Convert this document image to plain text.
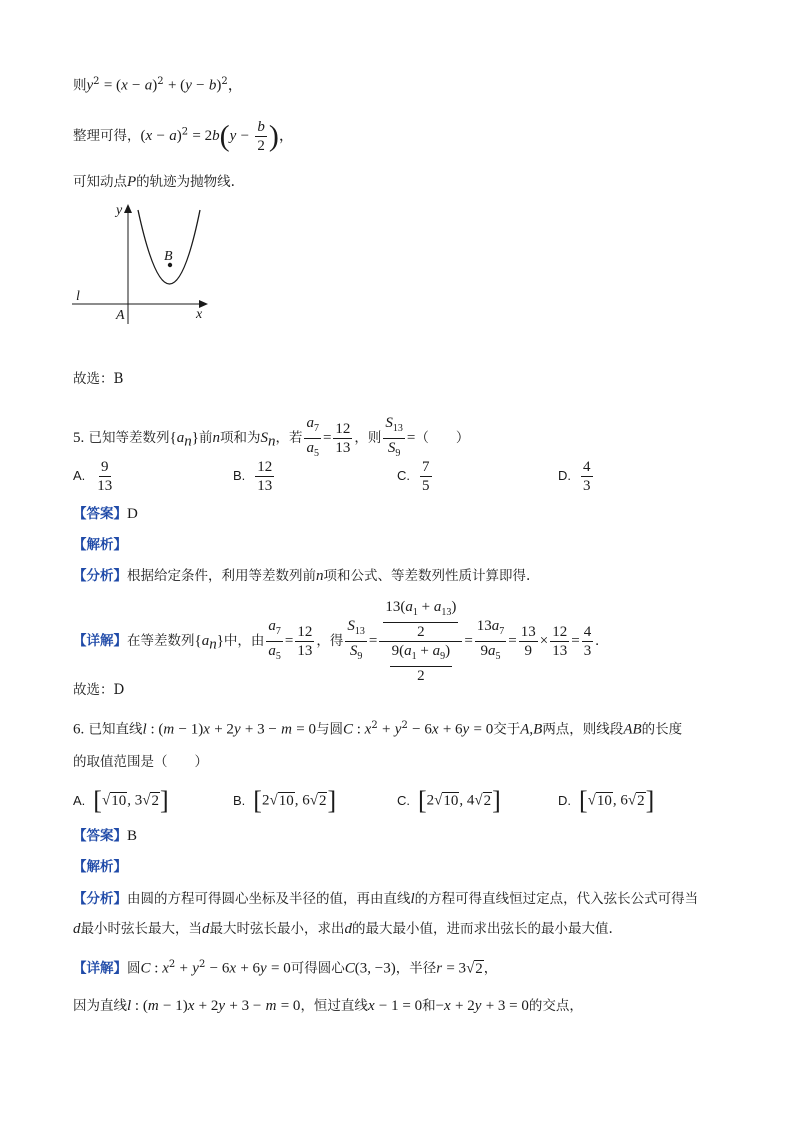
则$y^2 = (x - a)^2 + (y - b)^2$，
整理可得，$(x - a)^2 = 2b(y - \frac{b}{2}$ )，
可知动点P的轨迹为抛物线.
y
x
l
A
B
故选：B
5. 已知等差数列$\{a_n\}$前n项和为$S_n$，若 $\frac{a_7}{a_5} = \frac{12}{13}$ ，则 $\frac{S_{13}}{S_9}$ =（　　）
A. $\frac{9}{13}$	B. $\frac{12}{13}$	C. $\frac{7}{5}$	D. $\frac{4}{3}$
【答案】D
【解析】
【分析】根据给定条件，利用等差数列前n项和公式、等差数列性质计算即得.
【详解】在等差数列$\{a_n\}$中，由 $\frac{a_7}{a_5} = \frac{12}{13}$ ，得 $\frac{S_{13}}{S_9} = \frac{\frac{13(a_1 + a_{13})}{2}}{\frac{9(a_1 + a_9)}{2}} = \frac{13a_7}{9a_5} = \frac{13}{9} \times \frac{12}{13} = \frac{4}{3}$ .
故选：D
6. 已知直线l : (m − 1)x + 2y + 3 − m = 0与圆C : $x^2 + y^2 - 6x + 6y = 0$交于A,B两点，则线段AB的长度
的取值范围是（　　）
A. [√10, 3√2]	B. [2√10, 6√2]	C. [2√10, 4√2]	D. [√10, 6√2]
【答案】B
【解析】
【分析】由圆的方程可得圆心坐标及半径的值，再由直线l的方程可得直线恒过定点，代入弦长公式可得当
d最小时弦长最大，当d最大时弦长最小，求出d的最大最小值，进而求出弦长的最小最大值.
【详解】圆C : $x^2 + y^2 - 6x + 6y = 0$可得圆心C(3, −3)，半径r = 3√2，
因为直线l : (m − 1)x + 2y + 3 − m = 0，恒过直线x − 1 = 0和−x + 2y + 3 = 0的交点，
